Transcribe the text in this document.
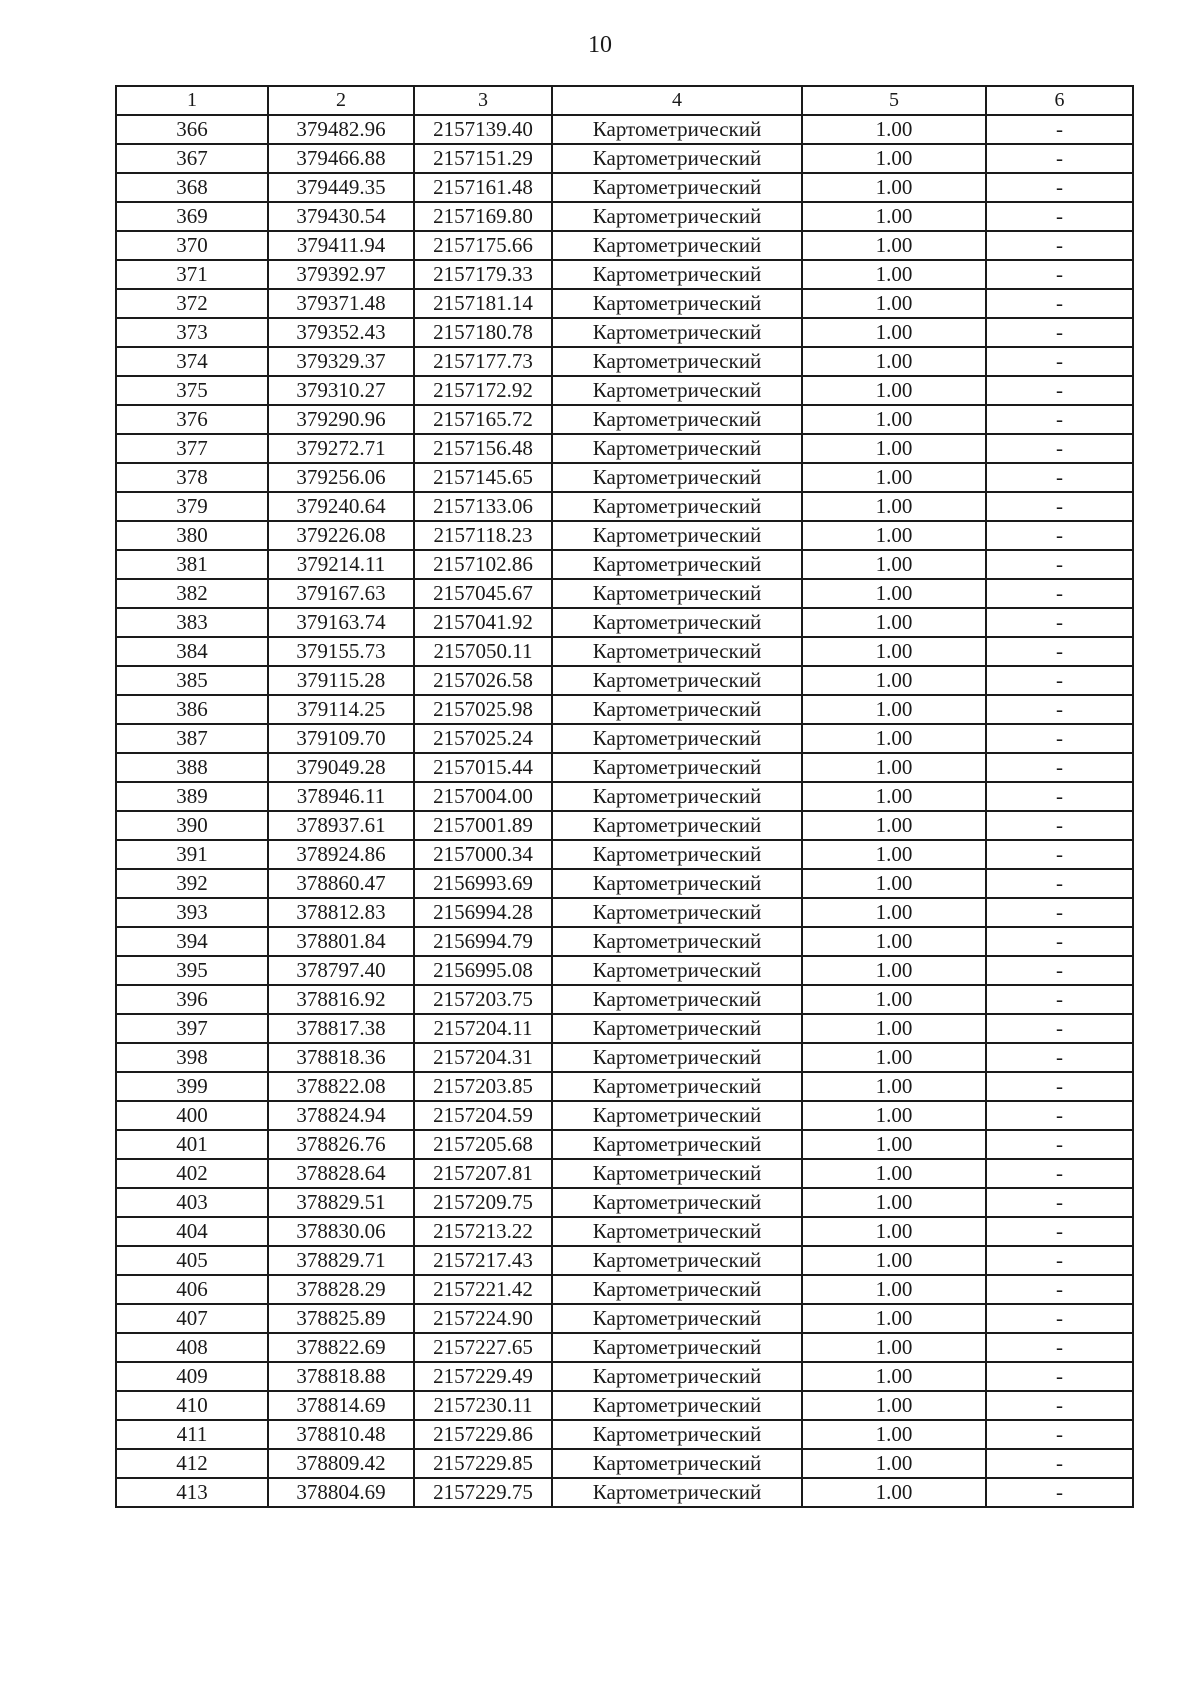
10
1	2	3	4	5	6
366	379482.96	2157139.40	Картометрический	1.00	-
367	379466.88	2157151.29	Картометрический	1.00	-
368	379449.35	2157161.48	Картометрический	1.00	-
369	379430.54	2157169.80	Картометрический	1.00	-
370	379411.94	2157175.66	Картометрический	1.00	-
371	379392.97	2157179.33	Картометрический	1.00	-
372	379371.48	2157181.14	Картометрический	1.00	-
373	379352.43	2157180.78	Картометрический	1.00	-
374	379329.37	2157177.73	Картометрический	1.00	-
375	379310.27	2157172.92	Картометрический	1.00	-
376	379290.96	2157165.72	Картометрический	1.00	-
377	379272.71	2157156.48	Картометрический	1.00	-
378	379256.06	2157145.65	Картометрический	1.00	-
379	379240.64	2157133.06	Картометрический	1.00	-
380	379226.08	2157118.23	Картометрический	1.00	-
381	379214.11	2157102.86	Картометрический	1.00	-
382	379167.63	2157045.67	Картометрический	1.00	-
383	379163.74	2157041.92	Картометрический	1.00	-
384	379155.73	2157050.11	Картометрический	1.00	-
385	379115.28	2157026.58	Картометрический	1.00	-
386	379114.25	2157025.98	Картометрический	1.00	-
387	379109.70	2157025.24	Картометрический	1.00	-
388	379049.28	2157015.44	Картометрический	1.00	-
389	378946.11	2157004.00	Картометрический	1.00	-
390	378937.61	2157001.89	Картометрический	1.00	-
391	378924.86	2157000.34	Картометрический	1.00	-
392	378860.47	2156993.69	Картометрический	1.00	-
393	378812.83	2156994.28	Картометрический	1.00	-
394	378801.84	2156994.79	Картометрический	1.00	-
395	378797.40	2156995.08	Картометрический	1.00	-
396	378816.92	2157203.75	Картометрический	1.00	-
397	378817.38	2157204.11	Картометрический	1.00	-
398	378818.36	2157204.31	Картометрический	1.00	-
399	378822.08	2157203.85	Картометрический	1.00	-
400	378824.94	2157204.59	Картометрический	1.00	-
401	378826.76	2157205.68	Картометрический	1.00	-
402	378828.64	2157207.81	Картометрический	1.00	-
403	378829.51	2157209.75	Картометрический	1.00	-
404	378830.06	2157213.22	Картометрический	1.00	-
405	378829.71	2157217.43	Картометрический	1.00	-
406	378828.29	2157221.42	Картометрический	1.00	-
407	378825.89	2157224.90	Картометрический	1.00	-
408	378822.69	2157227.65	Картометрический	1.00	-
409	378818.88	2157229.49	Картометрический	1.00	-
410	378814.69	2157230.11	Картометрический	1.00	-
411	378810.48	2157229.86	Картометрический	1.00	-
412	378809.42	2157229.85	Картометрический	1.00	-
413	378804.69	2157229.75	Картометрический	1.00	-
